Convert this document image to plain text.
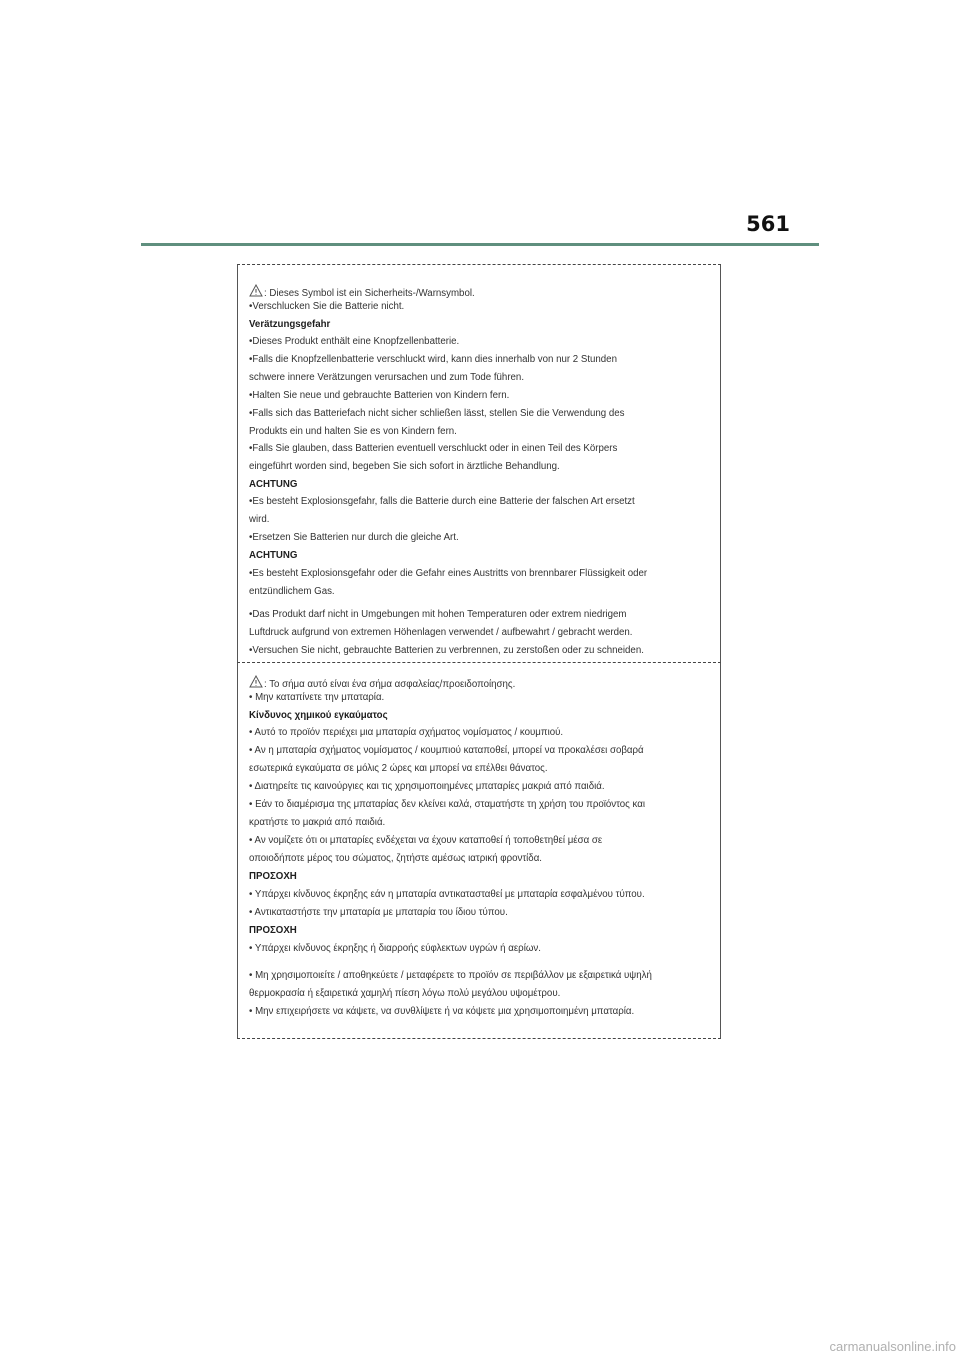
561
: Dieses Symbol ist ein Sicherheits-/Warnsymbol.
•Verschlucken Sie die Batterie nicht.
Verätzungsgefahr
•Dieses Produkt enthält eine Knopfzellenbatterie.
•Falls die Knopfzellenbatterie verschluckt wird, kann dies innerhalb von nur 2 Stunden
schwere innere Verätzungen verursachen und zum Tode führen.
•Halten Sie neue und gebrauchte Batterien von Kindern fern.
•Falls sich das Batteriefach nicht sicher schließen lässt, stellen Sie die Verwendung des
Produkts ein und halten Sie es von Kindern fern.
•Falls Sie glauben, dass Batterien eventuell verschluckt oder in einen Teil des Körpers
eingeführt worden sind, begeben Sie sich sofort in ärztliche Behandlung.
ACHTUNG
•Es besteht Explosionsgefahr, falls die Batterie durch eine Batterie der falschen Art ersetzt
wird.
•Ersetzen Sie Batterien nur durch die gleiche Art.
ACHTUNG
•Es besteht Explosionsgefahr oder die Gefahr eines Austritts von brennbarer Flüssigkeit oder
entzündlichem Gas.
•Das Produkt darf nicht in Umgebungen mit hohen Temperaturen oder extrem niedrigem
Luftdruck aufgrund von extremen Höhenlagen verwendet / aufbewahrt / gebracht werden.
•Versuchen Sie nicht, gebrauchte Batterien zu verbrennen, zu zerstoßen oder zu schneiden.
: Το σήμα αυτό είναι ένα σήμα ασφαλείας/προειδοποίησης.
• Μην καταπίνετε την μπαταρία.
Κίνδυνος χημικού εγκαύματος
• Αυτό το προϊόν περιέχει μια μπαταρία σχήματος νομίσματος / κουμπιού.
• Αν η μπαταρία σχήματος νομίσματος / κουμπιού καταποθεί, μπορεί να προκαλέσει σοβαρά
εσωτερικά εγκαύματα σε μόλις 2 ώρες και μπορεί να επέλθει θάνατος.
• Διατηρείτε τις καινούργιες και τις χρησιμοποιημένες μπαταρίες μακριά από παιδιά.
• Εάν το διαμέρισμα της μπαταρίας δεν κλείνει καλά, σταματήστε τη χρήση του προϊόντος και
κρατήστε το μακριά από παιδιά.
• Αν νομίζετε ότι οι μπαταρίες ενδέχεται να έχουν καταποθεί ή τοποθετηθεί μέσα σε
οποιοδήποτε μέρος του σώματος, ζητήστε αμέσως ιατρική φροντίδα.
ΠΡΟΣΟΧΗ
• Υπάρχει κίνδυνος έκρηξης εάν η μπαταρία αντικατασταθεί με μπαταρία εσφαλμένου τύπου.
• Αντικαταστήστε την μπαταρία με μπαταρία του ίδιου τύπου.
ΠΡΟΣΟΧΗ
• Υπάρχει κίνδυνος έκρηξης ή διαρροής εύφλεκτων υγρών ή αερίων.
• Μη χρησιμοποιείτε / αποθηκεύετε / μεταφέρετε το προϊόν σε περιβάλλον με εξαιρετικά υψηλή
θερμοκρασία ή εξαιρετικά χαμηλή πίεση λόγω πολύ μεγάλου υψομέτρου.
• Μην επιχειρήσετε να κάψετε, να συνθλίψετε ή να κόψετε μια χρησιμοποιημένη μπαταρία.
carmanualsonline.info
